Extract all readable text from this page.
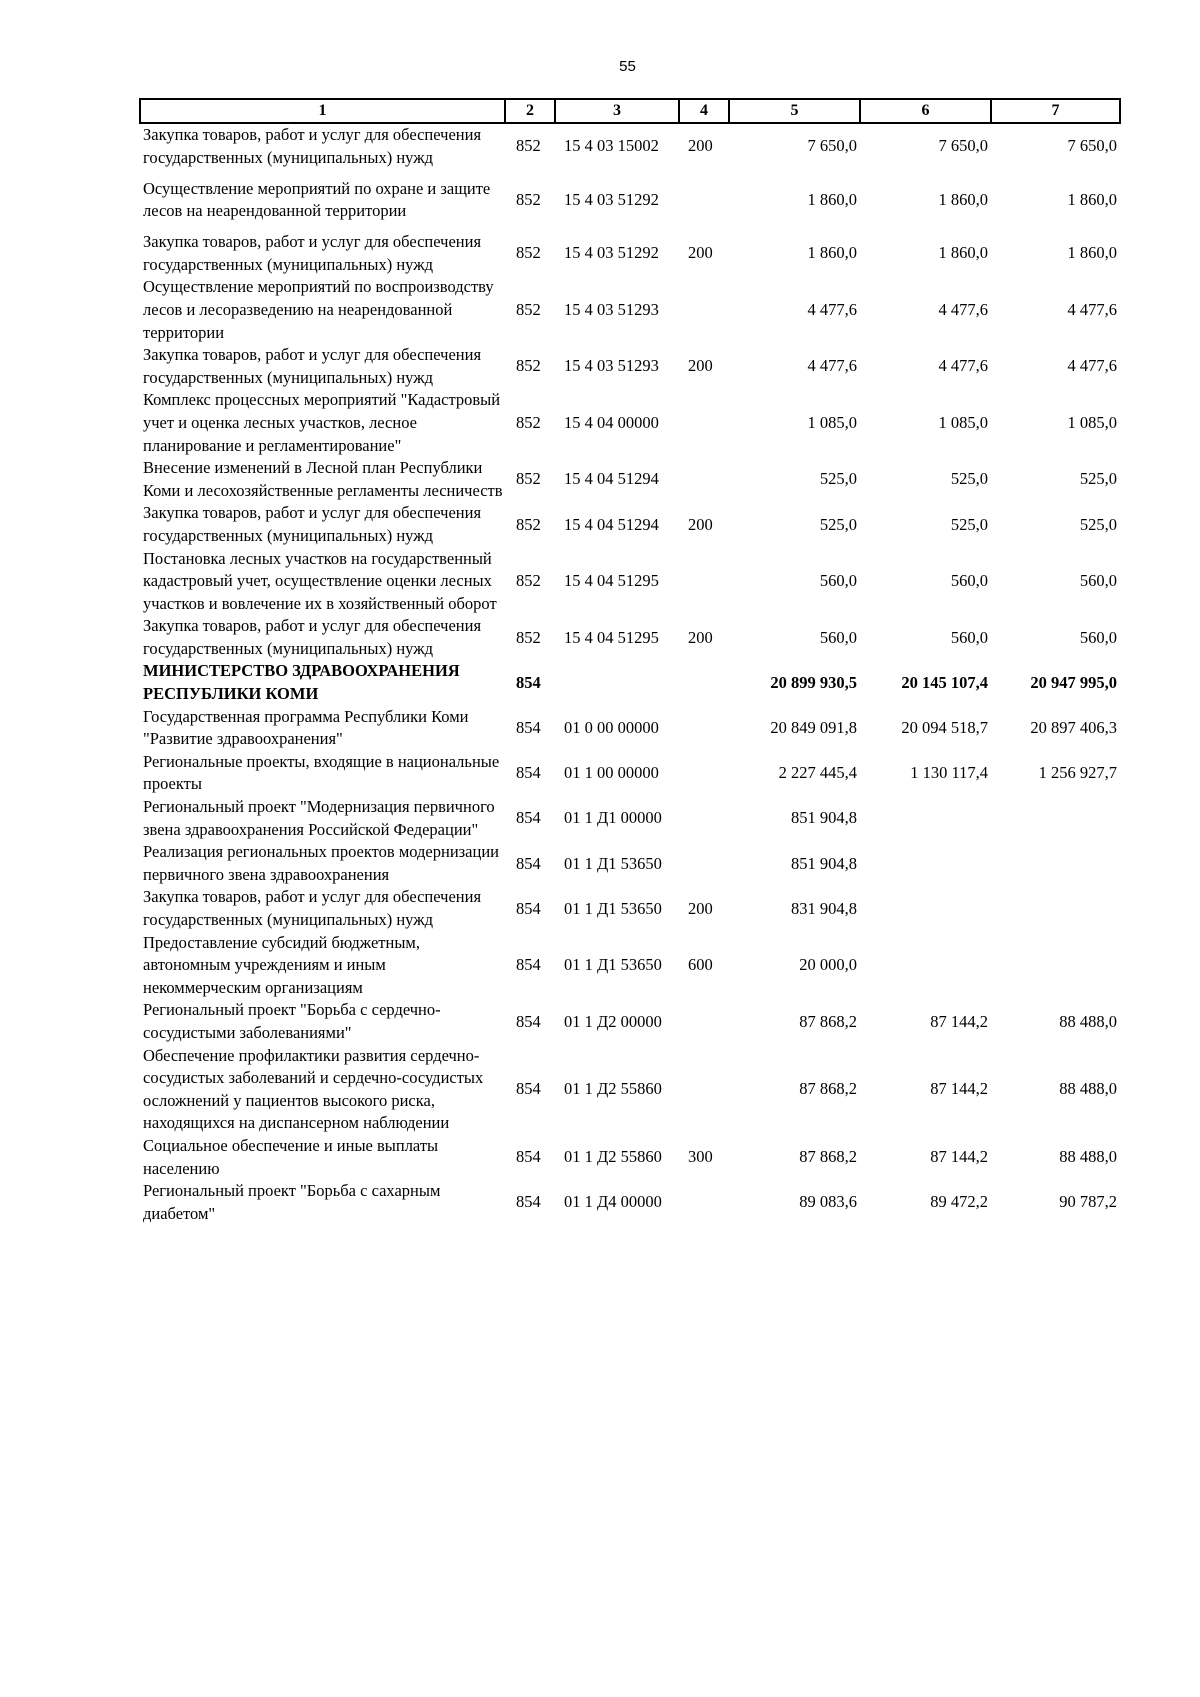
55
1	2	3	4	5	6	7
Закупка товаров, работ и услуг для обеспечения государственных (муниципальных) нужд	852	15 4 03 15002	200	7 650,0	7 650,0	7 650,0
Осуществление мероприятий по охране и защите лесов на неарендованной территории	852	15 4 03 51292		1 860,0	1 860,0	1 860,0
Закупка товаров, работ и услуг для обеспечения государственных (муниципальных) нужд	852	15 4 03 51292	200	1 860,0	1 860,0	1 860,0
Осуществление мероприятий по воспроизводству лесов и лесоразведению на неарендованной территории	852	15 4 03 51293		4 477,6	4 477,6	4 477,6
Закупка товаров, работ и услуг для обеспечения государственных (муниципальных) нужд	852	15 4 03 51293	200	4 477,6	4 477,6	4 477,6
Комплекс процессных мероприятий "Кадастровый учет и оценка лесных участков, лесное планирование и регламентирование"	852	15 4 04 00000		1 085,0	1 085,0	1 085,0
Внесение изменений в Лесной план Республики Коми и лесохозяйственные регламенты лесничеств	852	15 4 04 51294		525,0	525,0	525,0
Закупка товаров, работ и услуг для обеспечения государственных (муниципальных) нужд	852	15 4 04 51294	200	525,0	525,0	525,0
Постановка лесных участков на государственный кадастровый учет, осуществление оценки лесных участков и вовлечение их в хозяйственный оборот	852	15 4 04 51295		560,0	560,0	560,0
Закупка товаров, работ и услуг для обеспечения государственных (муниципальных) нужд	852	15 4 04 51295	200	560,0	560,0	560,0
МИНИСТЕРСТВО ЗДРАВООХРАНЕНИЯ РЕСПУБЛИКИ КОМИ	854			20 899 930,5	20 145 107,4	20 947 995,0
Государственная программа Республики Коми "Развитие здравоохранения"	854	01 0 00 00000		20 849 091,8	20 094 518,7	20 897 406,3
Региональные проекты, входящие в национальные проекты	854	01 1 00 00000		2 227 445,4	1 130 117,4	1 256 927,7
Региональный проект "Модернизация первичного звена здравоохранения Российской Федерации"	854	01 1 Д1 00000		851 904,8		
Реализация региональных проектов модернизации первичного звена здравоохранения	854	01 1 Д1 53650		851 904,8		
Закупка товаров, работ и услуг для обеспечения государственных (муниципальных) нужд	854	01 1 Д1 53650	200	831 904,8		
Предоставление субсидий бюджетным, автономным учреждениям и иным некоммерческим организациям	854	01 1 Д1 53650	600	20 000,0		
Региональный проект "Борьба с сердечно-сосудистыми заболеваниями"	854	01 1 Д2 00000		87 868,2	87 144,2	88 488,0
Обеспечение профилактики развития сердечно-сосудистых заболеваний и сердечно-сосудистых осложнений у пациентов высокого риска, находящихся на диспансерном наблюдении	854	01 1 Д2 55860		87 868,2	87 144,2	88 488,0
Социальное обеспечение и иные выплаты населению	854	01 1 Д2 55860	300	87 868,2	87 144,2	88 488,0
Региональный проект "Борьба с сахарным диабетом"	854	01 1 Д4 00000		89 083,6	89 472,2	90 787,2
